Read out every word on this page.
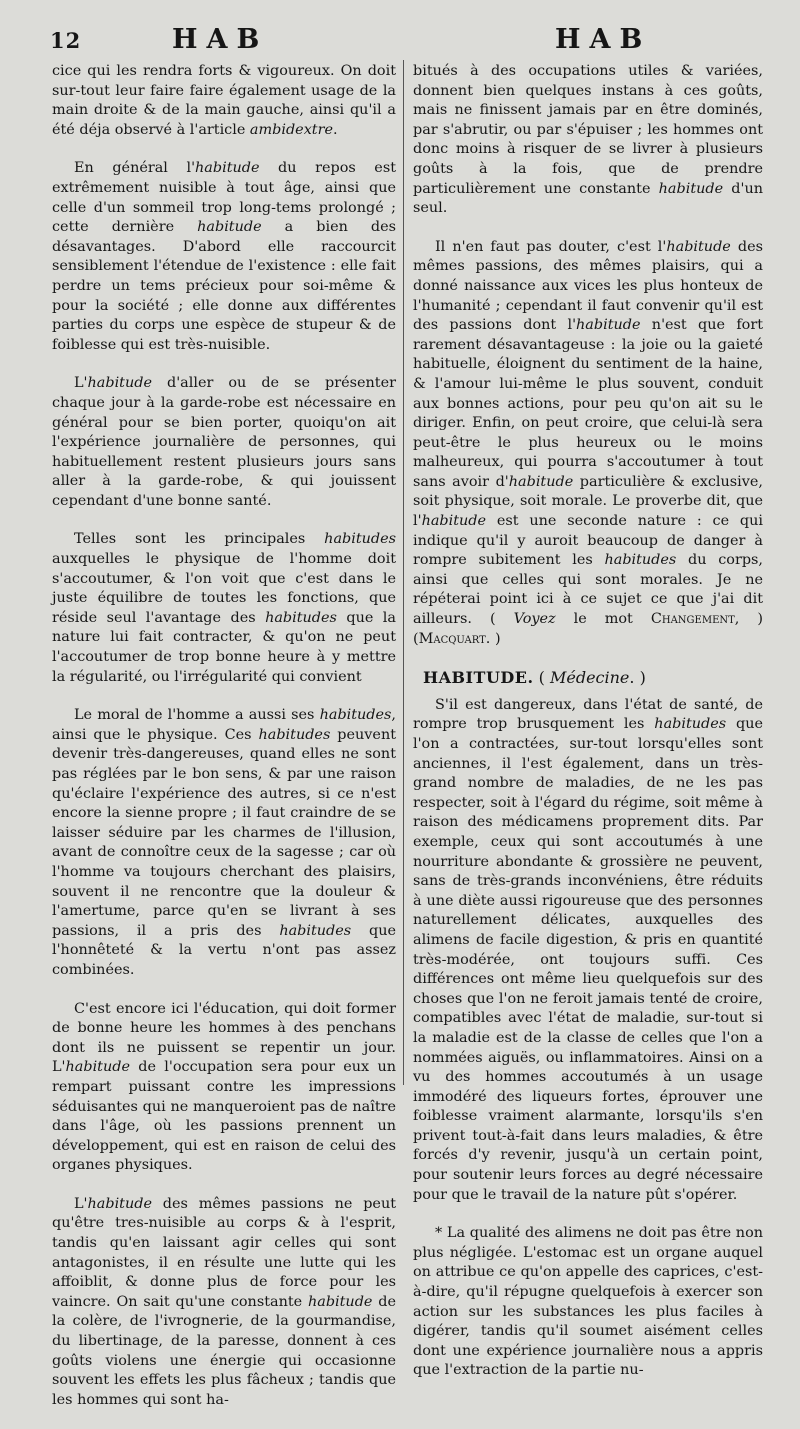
12	HAB	HAB

cice qui les rendra forts & vigoureux. On doit sur-tout leur faire faire également usage de la main droite & de la main gauche, ainsi qu'il a été déja observé à l'article ambidextre.

En général l'habitude du repos est extrêmement nuisible à tout âge, ainsi que celle d'un sommeil trop long-tems prolongé ; cette dernière habitude a bien des désavantages. D'abord elle raccourcit sensiblement l'étendue de l'existence : elle fait perdre un tems précieux pour soi-même & pour la société ; elle donne aux différentes parties du corps une espèce de stupeur & de foiblesse qui est très-nuisible.

L'habitude d'aller ou de se présenter chaque jour à la garde-robe est nécessaire en général pour se bien porter, quoiqu'on ait l'expérience journalière de personnes, qui habituellement restent plusieurs jours sans aller à la garde-robe, & qui jouissent cependant d'une bonne santé.

Telles sont les principales habitudes auxquelles le physique de l'homme doit s'accoutumer, & l'on voit que c'est dans le juste équilibre de toutes les fonctions, que réside seul l'avantage des habitudes que la nature lui fait contracter, & qu'on ne peut l'accoutumer de trop bonne heure à y mettre la régularité, ou l'irrégularité qui convient

Le moral de l'homme a aussi ses habitudes, ainsi que le physique. Ces habitudes peuvent devenir très-dangereuses, quand elles ne sont pas réglées par le bon sens, & par une raison qu'éclaire l'expérience des autres, si ce n'est encore la sienne propre ; il faut craindre de se laisser séduire par les charmes de l'illusion, avant de connoître ceux de la sagesse ; car où l'homme va toujours cherchant des plaisirs, souvent il ne rencontre que la douleur & l'amertume, parce qu'en se livrant à ses passions, il a pris des habitudes que l'honnêteté & la vertu n'ont pas assez combinées.

C'est encore ici l'éducation, qui doit former de bonne heure les hommes à des penchans dont ils ne puissent se repentir un jour. L'habitude de l'occupation sera pour eux un rempart puissant contre les impressions séduisantes qui ne manqueroient pas de naître dans l'âge, où les passions prennent un développement, qui est en raison de celui des organes physiques.

L'habitude des mêmes passions ne peut qu'être tres-nuisible au corps & à l'esprit, tandis qu'en laissant agir celles qui sont antagonistes, il en résulte une lutte qui les affoiblit, & donne plus de force pour les vaincre. On sait qu'une constante habitude de la colère, de l'ivrognerie, de la gourmandise, du libertinage, de la paresse, donnent à ces goûts violens une énergie qui occasionne souvent les effets les plus fâcheux ; tandis que les hommes qui sont ha-

bitués à des occupations utiles & variées, donnent bien quelques instans à ces goûts, mais ne finissent jamais par en être dominés, par s'abrutir, ou par s'épuiser ; les hommes ont donc moins à risquer de se livrer à plusieurs goûts à la fois, que de prendre particulièrement une constante habitude d'un seul.

Il n'en faut pas douter, c'est l'habitude des mêmes passions, des mêmes plaisirs, qui a donné naissance aux vices les plus honteux de l'humanité ; cependant il faut convenir qu'il est des passions dont l'habitude n'est que fort rarement désavantageuse : la joie ou la gaieté habituelle, éloignent du sentiment de la haine, & l'amour lui-même le plus souvent, conduit aux bonnes actions, pour peu qu'on ait su le diriger. Enfin, on peut croire, que celui-là sera peut-être le plus heureux ou le moins malheureux, qui pourra s'accoutumer à tout sans avoir d'habitude particulière & exclusive, soit physique, soit morale. Le proverbe dit, que l'habitude est une seconde nature : ce qui indique qu'il y auroit beaucoup de danger à rompre subitement les habitudes du corps, ainsi que celles qui sont morales. Je ne répéterai point ici à ce sujet ce que j'ai dit ailleurs. ( Voyez le mot Changement, ) (Macquart. )

HABITUDE. ( Médecine. )

S'il est dangereux, dans l'état de santé, de rompre trop brusquement les habitudes que l'on a contractées, sur-tout lorsqu'elles sont anciennes, il l'est également, dans un très-grand nombre de maladies, de ne les pas respecter, soit à l'égard du régime, soit même à raison des médicamens proprement dits. Par exemple, ceux qui sont accoutumés à une nourriture abondante & grossière ne peuvent, sans de très-grands inconvéniens, être réduits à une diète aussi rigoureuse que des personnes naturellement délicates, auxquelles des alimens de facile digestion, & pris en quantité très-modérée, ont toujours suffi. Ces différences ont même lieu quelquefois sur des choses que l'on ne feroit jamais tenté de croire, compatibles avec l'état de maladie, sur-tout si la maladie est de la classe de celles que l'on a nommées aiguës, ou inflammatoires. Ainsi on a vu des hommes accoutumés à un usage immodéré des liqueurs fortes, éprouver une foiblesse vraiment alarmante, lorsqu'ils s'en privent tout-à-fait dans leurs maladies, & être forcés d'y revenir, jusqu'à un certain point, pour soutenir leurs forces au degré nécessaire pour que le travail de la nature pût s'opérer.

* La qualité des alimens ne doit pas être non plus négligée. L'estomac est un organe auquel on attribue ce qu'on appelle des caprices, c'est-à-dire, qu'il répugne quelquefois à exercer son action sur les substances les plus faciles à digérer, tandis qu'il soumet aisément celles dont une expérience journalière nous a appris que l'extraction de la partie nu-
